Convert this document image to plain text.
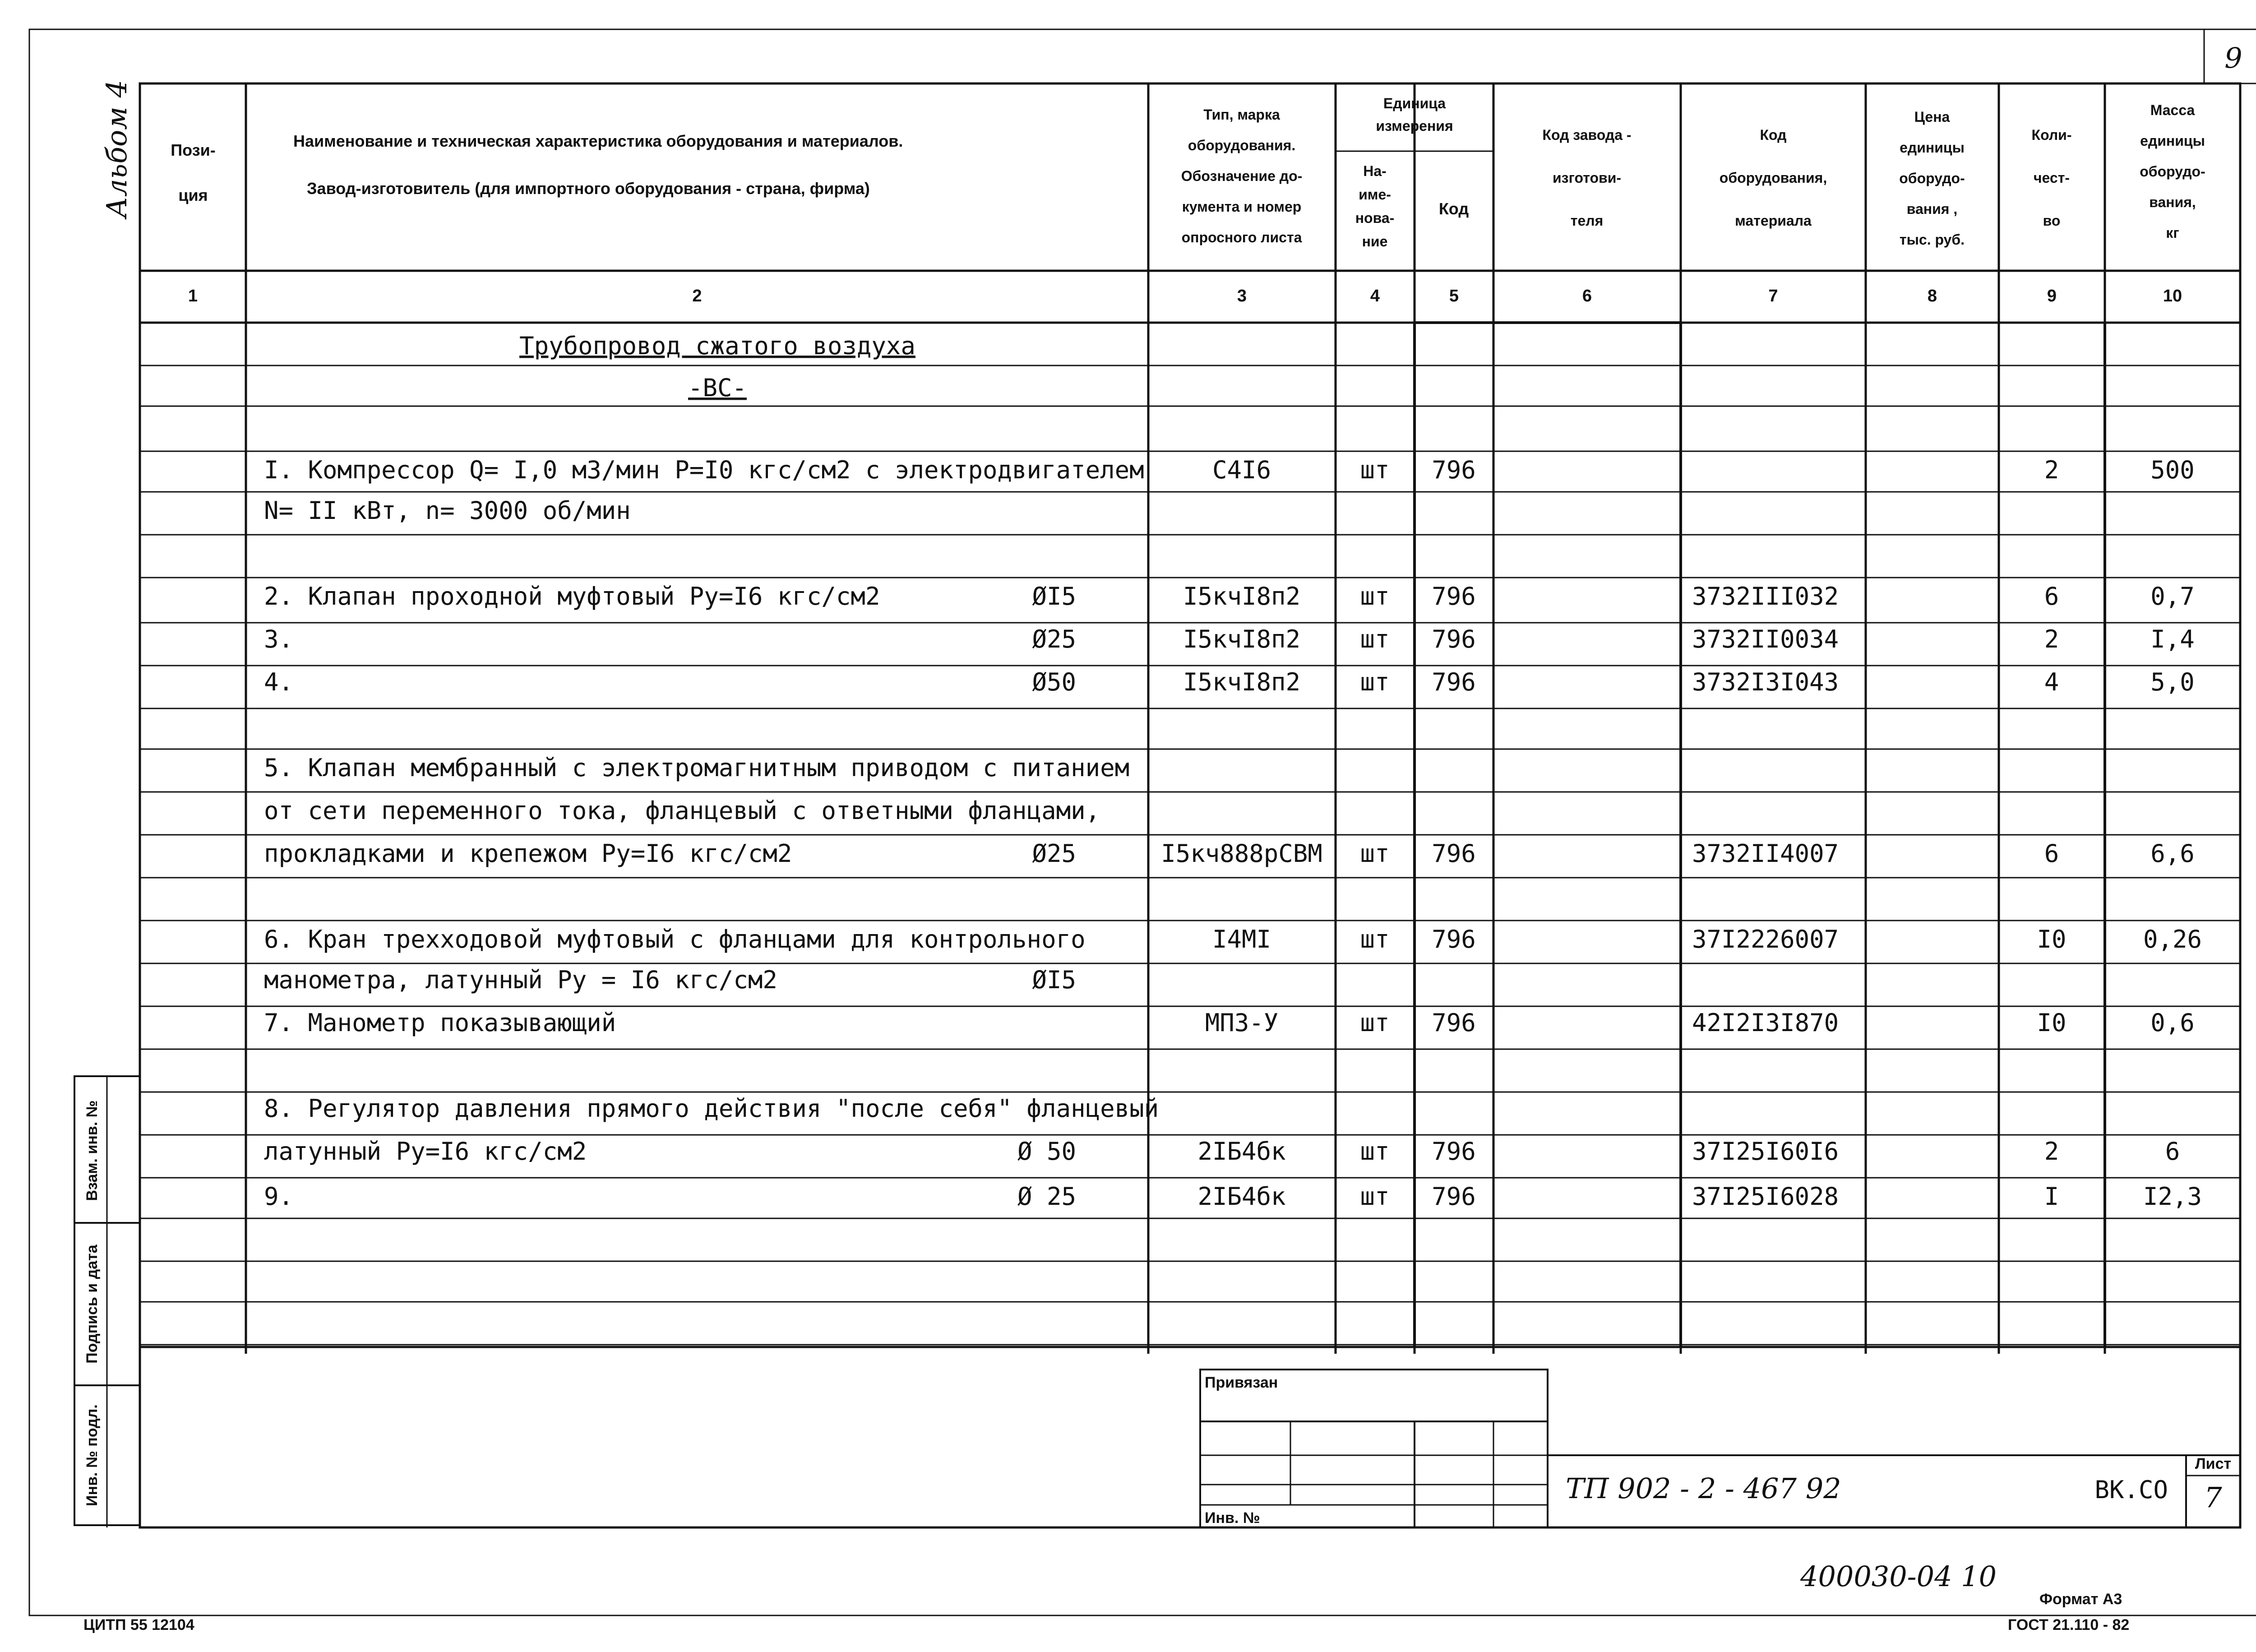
9
Альбом 4 Пози-
ция
Наименование и техническая характеристика оборудования и материалов.
Завод-изготовитель (для импортного оборудования - страна, фирма)
Тип, марка
оборудования.
Обозначение до-
кумента и номер
опросного листа
Единица
измерения
На-
име-
нова-
ние
Код
Код завода -
изготови-
теля
Код
оборудования,
материала
Цена
единицы
оборудо-
вания ,
тыс. руб.
Коли-
чест-
во
Масса
единицы
оборудо-
вания,
кг
1	2	3	4	5	6	7	8	9	10
Трубопровод сжатого воздуха
-ВС-
I. Компрессор Q= I,0 мЗ/мин Р=I0 кгс/см2 с электродвигателем	С4I6	шт 796	2	500
N= II кВт, n= 3000 об/мин
2. Клапан проходной муфтовый Ру=I6 кгс/см2	ØI5	I5кчI8п2 шт 796	3732III032	6	0,7
3.	Ø25	I5кчI8п2 шт 796	3732II0034	2	I,4
4.	Ø50	I5кчI8п2 шт 796	3732I3I043	4	5,0
5. Клапан мембранный с электромагнитным приводом с питанием
от сети переменного тока, фланцевый с ответными фланцами,
прокладками и крепежом Ру=I6 кгс/см2	Ø25	I5кч888рСВМ шт 796	3732II4007	6	6,6
6. Кран трехходовой муфтовый с фланцами для контрольного	I4МI	шт 796	37I2226007	I0	0,26
манометра, латунный Ру = I6 кгс/см2	ØI5
7. Манометр показывающий	МПЗ-У	шт 796	42I2I3I870	I0	0,6
8. Регулятор давления прямого действия "после себя" фланцевый
латунный Ру=I6 кгс/см2	Ø 50	2IБ4бк	шт 796	37I25I60I6	2	6
9.	Ø 25	2IБ4бк	шт 796	37I25I6028	I	I2,3
Взам. инв. №
Подпись и дата
Инв. № подл.
Привязан
Инв. №
ТП 902 - 2 - 467 92	ВК.СО
Лист
7
400030-04 10
Формат А3
ГОСТ 21.110 - 82
ЦИТП 55 12104
